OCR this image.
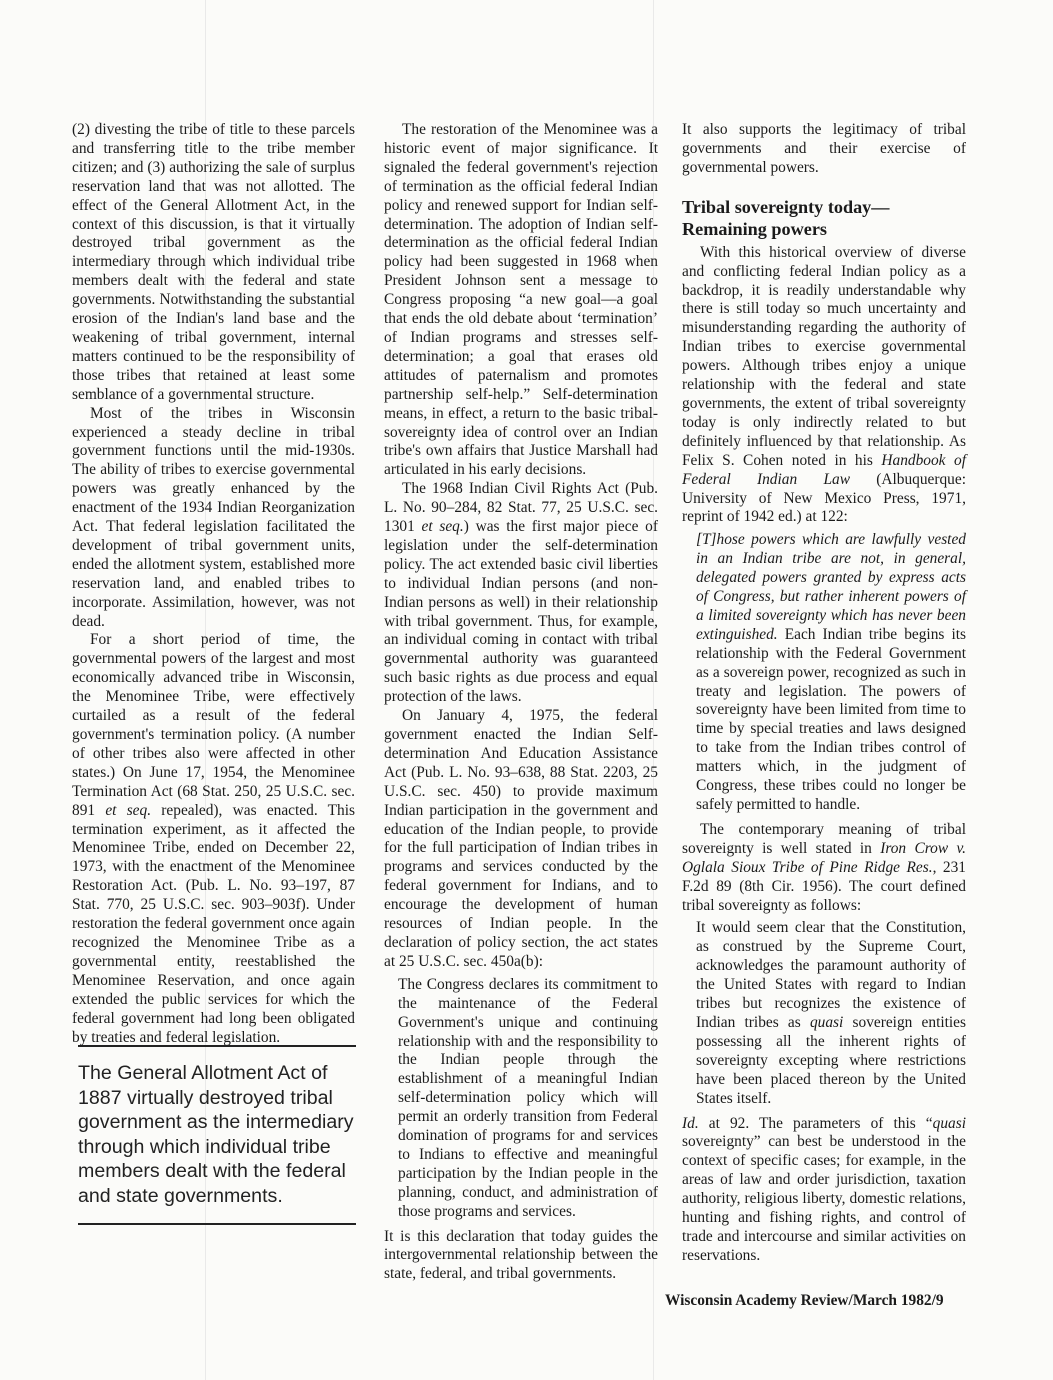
(2) divesting the tribe of title to these parcels and transferring title to the tribe member citizen; and (3) authorizing the sale of surplus reservation land that was not allotted. The effect of the General Allotment Act, in the context of this discussion, is that it virtually destroyed tribal government as the intermediary through which individual tribe members dealt with the federal and state governments. Notwithstanding the substantial erosion of the Indian's land base and the weakening of tribal government, internal matters continued to be the responsibility of those tribes that retained at least some semblance of a governmental structure.

Most of the tribes in Wisconsin experienced a steady decline in tribal government functions until the mid-1930s. The ability of tribes to exercise governmental powers was greatly enhanced by the enactment of the 1934 Indian Reorganization Act. That federal legislation facilitated the development of tribal government units, ended the allotment system, established more reservation land, and enabled tribes to incorporate. Assimilation, however, was not dead.

For a short period of time, the governmental powers of the largest and most economically advanced tribe in Wisconsin, the Menominee Tribe, were effectively curtailed as a result of the federal government's termination policy. (A number of other tribes also were affected in other states.) On June 17, 1954, the Menominee Termination Act (68 Stat. 250, 25 U.S.C. sec. 891 et seq. repealed), was enacted. This termination experiment, as it affected the Menominee Tribe, ended on December 22, 1973, with the enactment of the Menominee Restoration Act. (Pub. L. No. 93–197, 87 Stat. 770, 25 U.S.C. sec. 903–903f). Under restoration the federal government once again recognized the Menominee Tribe as a governmental entity, reestablished the Menominee Reservation, and once again extended the public services for which the federal government had long been obligated by treaties and federal legislation.

The General Allotment Act of 1887 virtually destroyed tribal government as the intermediary through which individual tribe members dealt with the federal and state governments.

The restoration of the Menominee was a historic event of major significance. It signaled the federal government's rejection of termination as the official federal Indian policy and renewed support for Indian self-determination. The adoption of Indian self-determination as the official federal Indian policy had been suggested in 1968 when President Johnson sent a message to Congress proposing “a new goal—a goal that ends the old debate about ‘termination’ of Indian programs and stresses self-determination; a goal that erases old attitudes of paternalism and promotes partnership self-help.” Self-determination means, in effect, a return to the basic tribal-sovereignty idea of control over an Indian tribe's own affairs that Justice Marshall had articulated in his early decisions.

The 1968 Indian Civil Rights Act (Pub. L. No. 90–284, 82 Stat. 77, 25 U.S.C. sec. 1301 et seq.) was the first major piece of legislation under the self-determination policy. The act extended basic civil liberties to individual Indian persons (and non-Indian persons as well) in their relationship with tribal government. Thus, for example, an individual coming in contact with tribal governmental authority was guaranteed such basic rights as due process and equal protection of the laws.

On January 4, 1975, the federal government enacted the Indian Self-determination And Education Assistance Act (Pub. L. No. 93–638, 88 Stat. 2203, 25 U.S.C. sec. 450) to provide maximum Indian participation in the government and education of the Indian people, to provide for the full participation of Indian tribes in programs and services conducted by the federal government for Indians, and to encourage the development of human resources of Indian people. In the declaration of policy section, the act states at 25 U.S.C. sec. 450a(b):

The Congress declares its commitment to the maintenance of the Federal Government's unique and continuing relationship with and the responsibility to the Indian people through the establishment of a meaningful Indian self-determination policy which will permit an orderly transition from Federal domination of programs for and services to Indians to effective and meaningful participation by the Indian people in the planning, conduct, and administration of those programs and services.

It is this declaration that today guides the intergovernmental relationship between the state, federal, and tribal governments.

It also supports the legitimacy of tribal governments and their exercise of governmental powers.

Tribal sovereignty today—
Remaining powers

With this historical overview of diverse and conflicting federal Indian policy as a backdrop, it is readily understandable why there is still today so much uncertainty and misunderstanding regarding the authority of Indian tribes to exercise governmental powers. Although tribes enjoy a unique relationship with the federal and state governments, the extent of tribal sovereignty today is only indirectly related to but definitely influenced by that relationship. As Felix S. Cohen noted in his Handbook of Federal Indian Law (Albuquerque: University of New Mexico Press, 1971, reprint of 1942 ed.) at 122:

[T]hose powers which are lawfully vested in an Indian tribe are not, in general, delegated powers granted by express acts of Congress, but rather inherent powers of a limited sovereignty which has never been extinguished. Each Indian tribe begins its relationship with the Federal Government as a sovereign power, recognized as such in treaty and legislation. The powers of sovereignty have been limited from time to time by special treaties and laws designed to take from the Indian tribes control of matters which, in the judgment of Congress, these tribes could no longer be safely permitted to handle.

The contemporary meaning of tribal sovereignty is well stated in Iron Crow v. Oglala Sioux Tribe of Pine Ridge Res., 231 F.2d 89 (8th Cir. 1956). The court defined tribal sovereignty as follows:

It would seem clear that the Constitution, as construed by the Supreme Court, acknowledges the paramount authority of the United States with regard to Indian tribes but recognizes the existence of Indian tribes as quasi sovereign entities possessing all the inherent rights of sovereignty excepting where restrictions have been placed thereon by the United States itself.

Id. at 92. The parameters of this “quasi sovereignty” can best be understood in the context of specific cases; for example, in the areas of law and order jurisdiction, taxation authority, religious liberty, domestic relations, hunting and fishing rights, and control of trade and intercourse and similar activities on reservations.

Wisconsin Academy Review/March 1982/9
